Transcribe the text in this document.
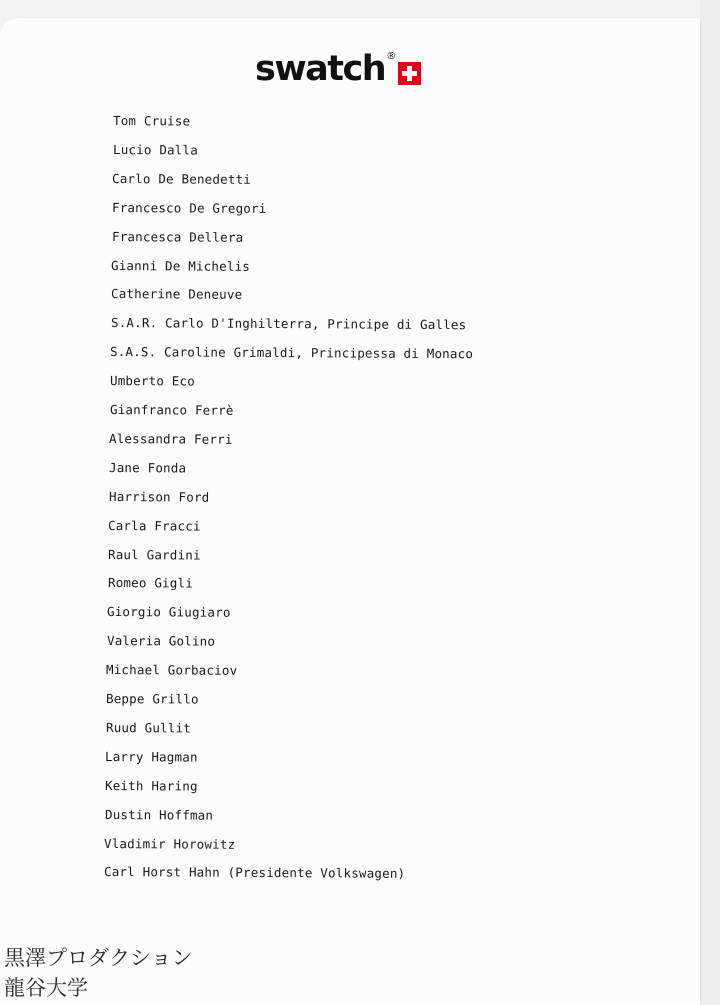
swatch ®
Tom Cruise
Lucio Dalla
Carlo De Benedetti
Francesco De Gregori
Francesca Dellera
Gianni De Michelis
Catherine Deneuve
S.A.R. Carlo D'Inghilterra, Principe di Galles
S.A.S. Caroline Grimaldi, Principessa di Monaco
Umberto Eco
Gianfranco Ferrè
Alessandra Ferri
Jane Fonda
Harrison Ford
Carla Fracci
Raul Gardini
Romeo Gigli
Giorgio Giugiaro
Valeria Golino
Michael Gorbaciov
Beppe Grillo
Ruud Gullit
Larry Hagman
Keith Haring
Dustin Hoffman
Vladimir Horowitz
Carl Horst Hahn (Presidente Volkswagen)
黒澤プロダクション
龍谷大学
